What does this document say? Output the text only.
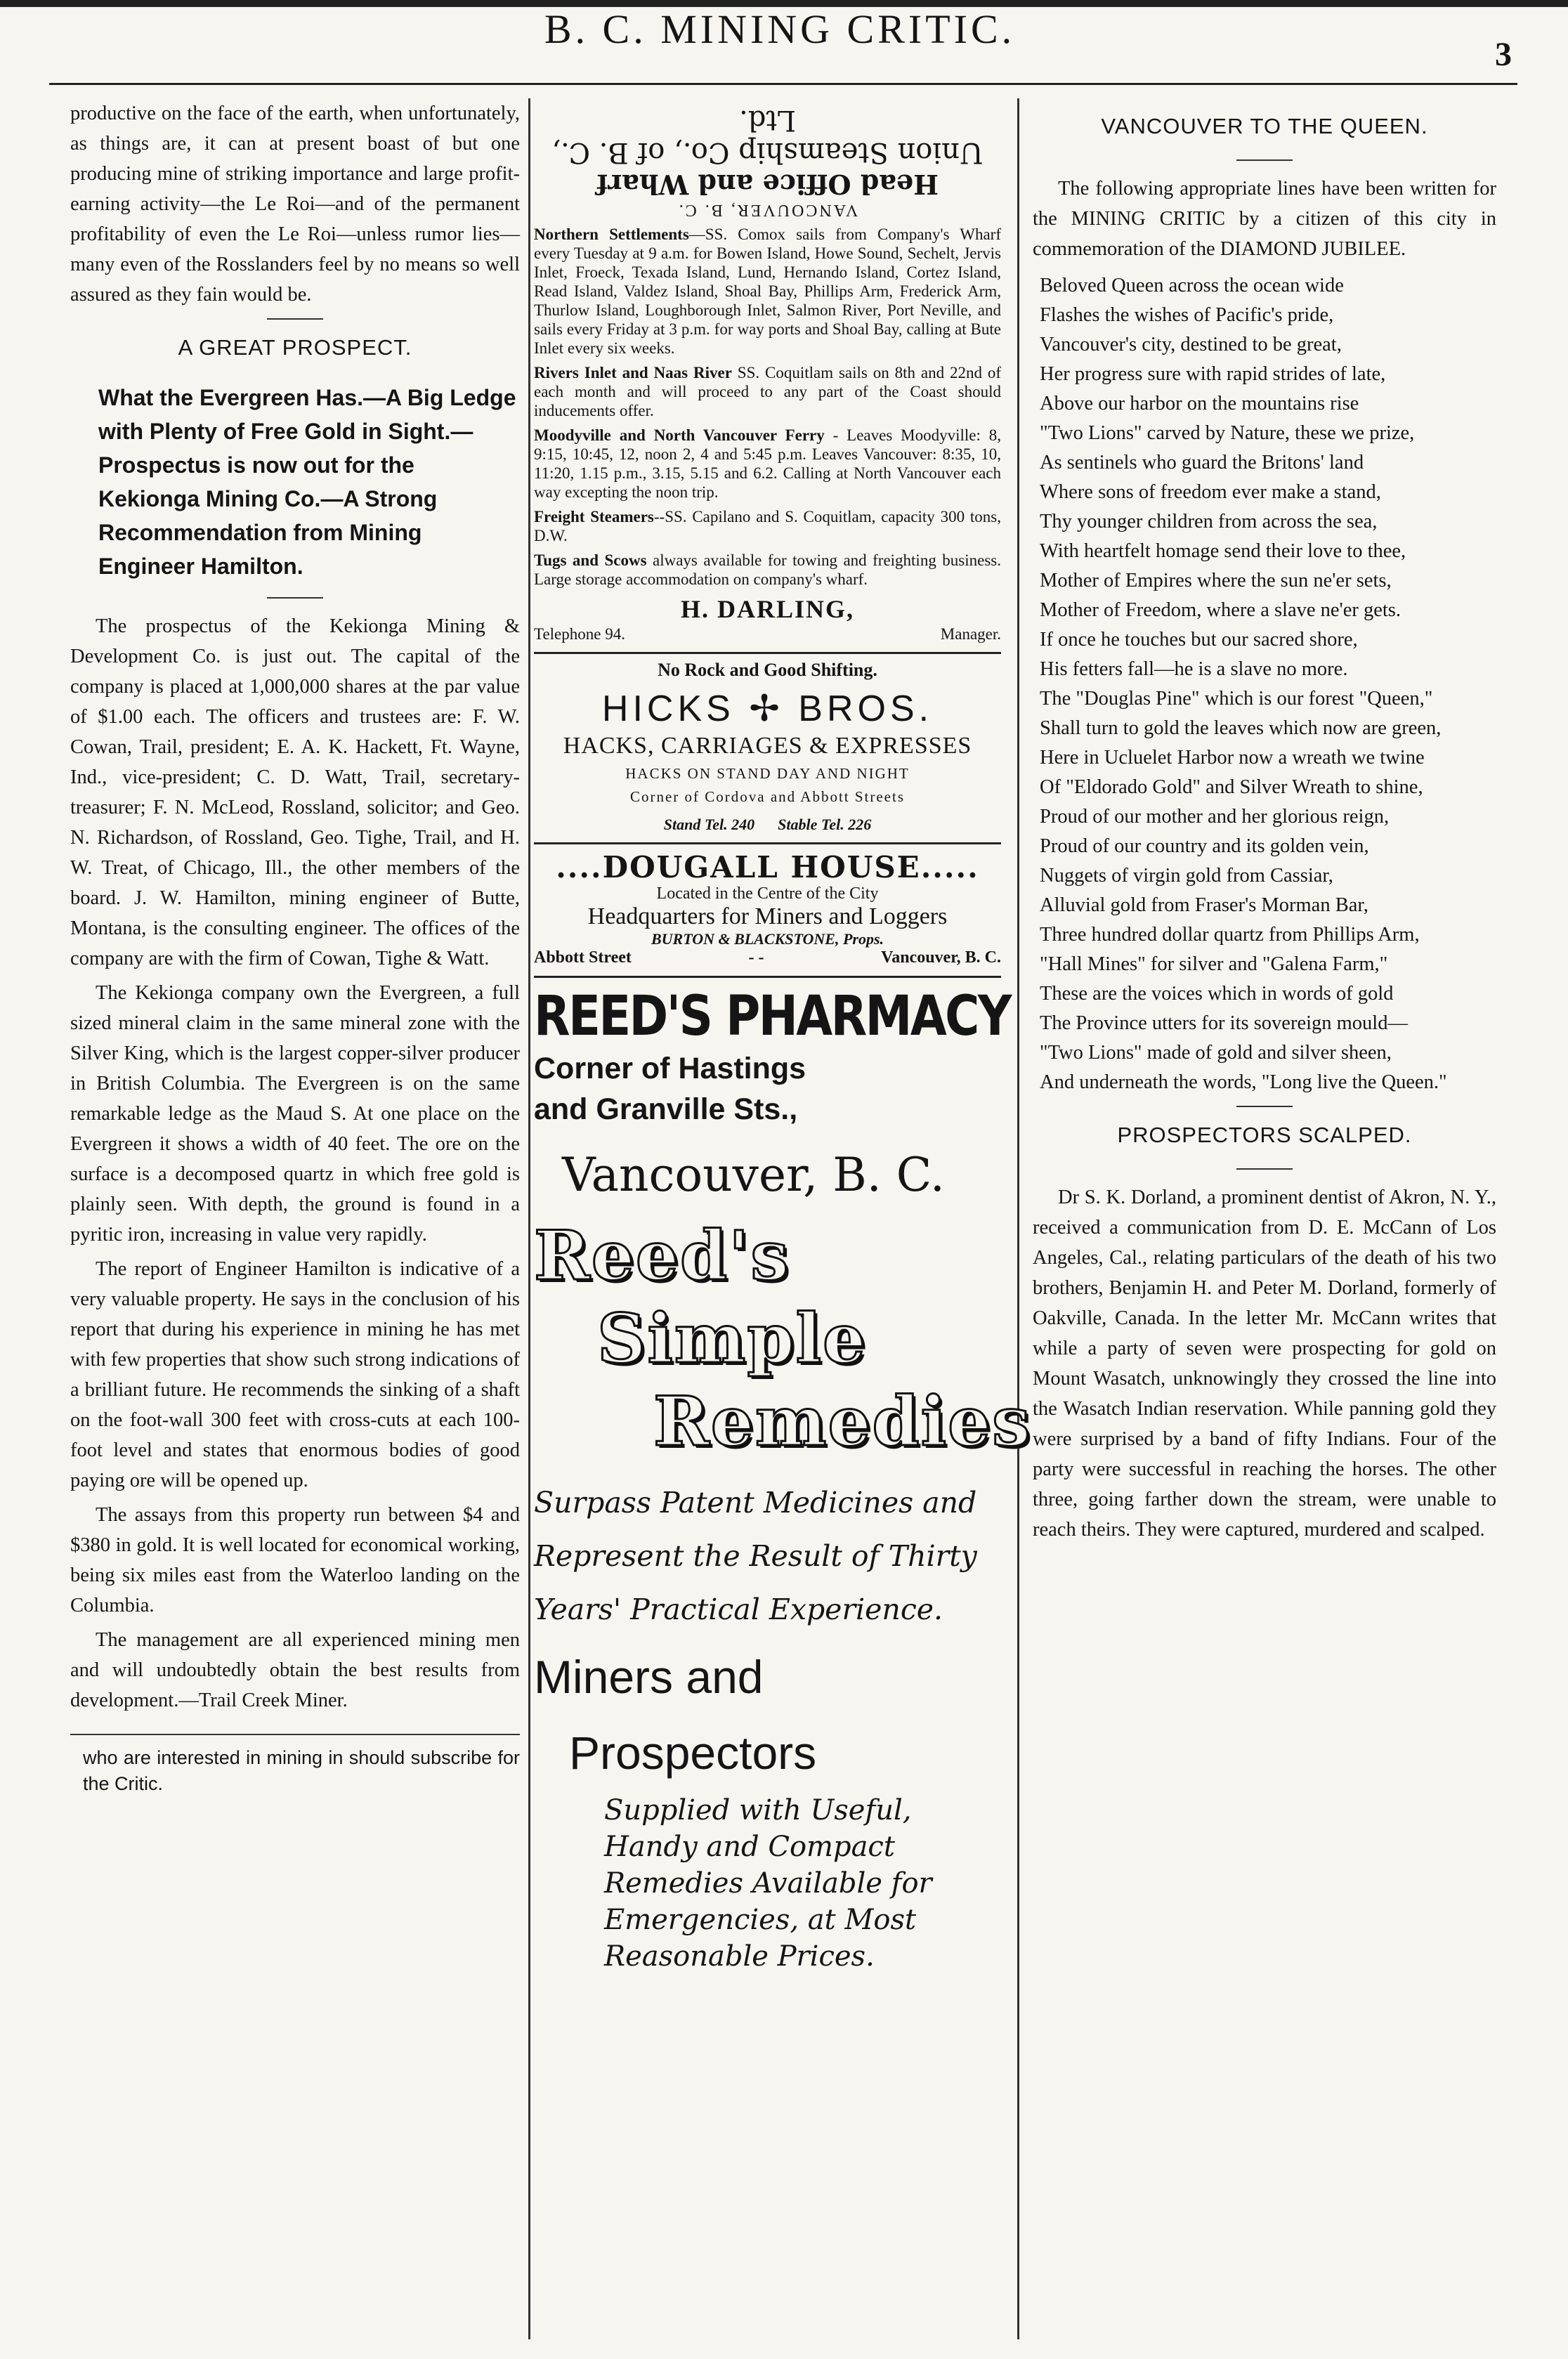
B. C. MINING CRITIC.
3

productive on the face of the earth, when unfortunately, as things are, it can at present boast of but one producing mine of striking importance and large profit-earning activity—the Le Roi—and of the permanent profitability of even the Le Roi—unless rumor lies—many even of the Rosslanders feel by no means so well assured as they fain would be.

A GREAT PROSPECT.
What the Evergreen Has.—A Big Ledge with Plenty of Free Gold in Sight.—Prospectus is now out for the Kekionga Mining Co.—A Strong Recommendation from Mining Engineer Hamilton.

The prospectus of the Kekionga Mining & Development Co. is just out. The capital of the company is placed at 1,000,000 shares at the par value of $1.00 each. The officers and trustees are: F. W. Cowan, Trail, president; E. A. K. Hackett, Ft. Wayne, Ind., vice-president; C. D. Watt, Trail, secretary-treasurer; F. N. McLeod, Rossland, solicitor; and Geo. N. Richardson, of Rossland, Geo. Tighe, Trail, and H. W. Treat, of Chicago, Ill., the other members of the board. J. W. Hamilton, mining engineer of Butte, Montana, is the consulting engineer. The offices of the company are with the firm of Cowan, Tighe & Watt.

The Kekionga company own the Evergreen, a full sized mineral claim in the same mineral zone with the Silver King, which is the largest copper-silver producer in British Columbia. The Evergreen is on the same remarkable ledge as the Maud S. At one place on the Evergreen it shows a width of 40 feet. The ore on the surface is a decomposed quartz in which free gold is plainly seen. With depth, the ground is found in a pyritic iron, increasing in value very rapidly.

The report of Engineer Hamilton is indicative of a very valuable property. He says in the conclusion of his report that during his experience in mining he has met with few properties that show such strong indications of a brilliant future. He recommends the sinking of a shaft on the foot-wall 300 feet with cross-cuts at each 100-foot level and states that enormous bodies of good paying ore will be opened up.

The assays from this property run between $4 and $380 in gold. It is well located for economical working, being six miles east from the Waterloo landing on the Columbia.

The management are all experienced mining men and will undoubtedly obtain the best results from development.—Trail Creek Miner.

who are interested in mining in should subscribe for the Critic.
VANCOUVER, B. C.
Head Office and Wharf
Union Steamship Co., of B. C., Ltd.
Northern Settlements—SS. Comox sails from Company's Wharf every Tuesday at 9 a.m. for Bowen Island, Howe Sound, Sechelt, Jervis Inlet, Froeck, Texada Island, Lund, Hernando Island, Cortez Island, Read Island, Valdez Island, Shoal Bay, Phillips Arm, Frederick Arm, Thurlow Island, Loughborough Inlet, Salmon River, Port Neville, and sails every Friday at 3 p.m. for way ports and Shoal Bay, calling at Bute Inlet every six weeks.
Rivers Inlet and Naas River SS. Coquitlam sails on 8th and 22nd of each month and will proceed to any part of the Coast should inducements offer.
Moodyville and North Vancouver Ferry - Leaves Moodyville: 8, 9:15, 10:45, 12, noon 2, 4 and 5:45 p.m. Leaves Vancouver: 8:35, 10, 11:20, 1.15 p.m., 3.15, 5.15 and 6.2. Calling at North Vancouver each way excepting the noon trip.
Freight Steamers--SS. Capilano and S. Coquitlam, capacity 300 tons, D.W.
Tugs and Scows always available for towing and freighting business. Large storage accommodation on company's wharf.
H. DARLING,
Telephone 94.	Manager.
No Rock and Good Shifting.
HICKS ✢ BROS.
HACKS, CARRIAGES & EXPRESSES
HACKS ON STAND DAY AND NIGHT
Corner of Cordova and Abbott Streets
Stand Tel. 240 Stable Tel. 226
....DOUGALL HOUSE.....
Located in the Centre of the City
Headquarters for Miners and Loggers
BURTON & BLACKSTONE, Props.
Abbott Street	- -	Vancouver, B. C.
REED'S PHARMACY
Corner of Hastings
and Granville Sts.,
Vancouver, B. C.
Reed's
Simple
Remedies
Surpass Patent Medicines and Represent the Result of Thirty Years' Practical Experience.
Miners and
Prospectors
Supplied with Useful, Handy and Compact Remedies Available for Emergencies, at Most Reasonable Prices.
VANCOUVER TO THE QUEEN.

The following appropriate lines have been written for the MINING CRITIC by a citizen of this city in commemoration of the DIAMOND JUBILEE.

Beloved Queen across the ocean wide
Flashes the wishes of Pacific's pride,
Vancouver's city, destined to be great,
Her progress sure with rapid strides of late,
Above our harbor on the mountains rise
"Two Lions" carved by Nature, these we prize,
As sentinels who guard the Britons' land
Where sons of freedom ever make a stand,
Thy younger children from across the sea,
With heartfelt homage send their love to thee,
Mother of Empires where the sun ne'er sets,
Mother of Freedom, where a slave ne'er gets.
If once he touches but our sacred shore,
His fetters fall—he is a slave no more.
The "Douglas Pine" which is our forest "Queen,"
Shall turn to gold the leaves which now are green,
Here in Ucluelet Harbor now a wreath we twine
Of "Eldorado Gold" and Silver Wreath to shine,
Proud of our mother and her glorious reign,
Proud of our country and its golden vein,
Nuggets of virgin gold from Cassiar,
Alluvial gold from Fraser's Morman Bar,
Three hundred dollar quartz from Phillips Arm,
"Hall Mines" for silver and "Galena Farm,"
These are the voices which in words of gold
The Province utters for its sovereign mould—
"Two Lions" made of gold and silver sheen,
And underneath the words, "Long live the Queen."
PROSPECTORS SCALPED.

Dr S. K. Dorland, a prominent dentist of Akron, N. Y., received a communication from D. E. McCann of Los Angeles, Cal., relating particulars of the death of his two brothers, Benjamin H. and Peter M. Dorland, formerly of Oakville, Canada. In the letter Mr. McCann writes that while a party of seven were prospecting for gold on Mount Wasatch, unknowingly they crossed the line into the Wasatch Indian reservation. While panning gold they were surprised by a band of fifty Indians. Four of the party were successful in reaching the horses. The other three, going farther down the stream, were unable to reach theirs. They were captured, murdered and scalped.
